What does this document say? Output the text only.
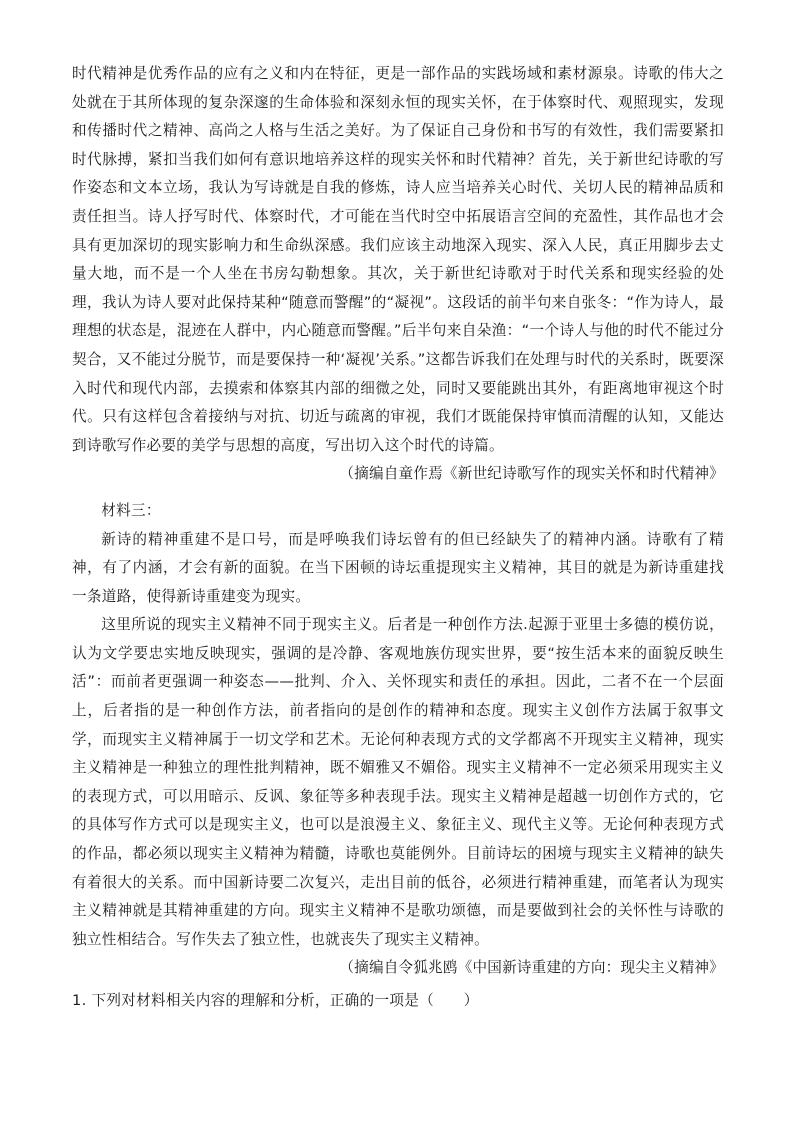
时代精神是优秀作品的应有之义和内在特征，更是一部作品的实践场域和素材源泉。诗歌的伟大之处就在于其所体现的复杂深邃的生命体验和深刻永恒的现实关怀，在于体察时代、观照现实，发现和传播时代之精神、高尚之人格与生活之美好。为了保证自己身份和书写的有效性，我们需要紧扣时代脉搏，紧扣当我们如何有意识地培养这样的现实关怀和时代精神？首先，关于新世纪诗歌的写作姿态和文本立场，我认为写诗就是自我的修炼，诗人应当培养关心时代、关切人民的精神品质和责任担当。诗人抒写时代、体察时代，才可能在当代时空中拓展语言空间的充盈性，其作品也才会具有更加深切的现实影响力和生命纵深感。我们应该主动地深入现实、深入人民，真正用脚步去丈量大地，而不是一个人坐在书房勾勒想象。其次，关于新世纪诗歌对于时代关系和现实经验的处理，我认为诗人要对此保持某种“随意而警醒”的“凝视”。这段话的前半句来自张冬：“作为诗人，最理想的状态是，混迹在人群中，内心随意而警醒。”后半句来自朵渔：“一个诗人与他的时代不能过分契合，又不能过分脱节，而是要保持一种‘凝视’关系。”这都告诉我们在处理与时代的关系时，既要深入时代和现代内部，去摸索和体察其内部的细微之处，同时又要能跳出其外，有距离地审视这个时代。只有这样包含着接纳与对抗、切近与疏离的审视，我们才既能保持审慎而清醒的认知，又能达到诗歌写作必要的美学与思想的高度，写出切入这个时代的诗篇。

（摘编自童作焉《新世纪诗歌写作的现实关怀和时代精神》

材料三：

新诗的精神重建不是口号，而是呼唤我们诗坛曾有的但已经缺失了的精神内涵。诗歌有了精神，有了内涵，才会有新的面貌。在当下困顿的诗坛重提现实主义精神，其目的就是为新诗重建找一条道路，使得新诗重建变为现实。

这里所说的现实主义精神不同于现实主义。后者是一种创作方法.起源于亚里士多德的模仿说，认为文学要忠实地反映现实，强调的是冷静、客观地族仿现实世界，要“按生活本来的面貌反映生活”：而前者更强调一种姿态——批判、介入、关怀现实和责任的承担。因此，二者不在一个层面上，后者指的是一种创作方法，前者指向的是创作的精神和态度。现实主义创作方法属于叙事文学，而现实主义精神属于一切文学和艺术。无论何种表现方式的文学都离不开现实主义精神，现实主义精神是一种独立的理性批判精神，既不媚雅又不媚俗。现实主义精神不一定必须采用现实主义的表现方式，可以用暗示、反讽、象征等多种表现手法。现实主义精神是超越一切创作方式的，它的具体写作方式可以是现实主义，也可以是浪漫主义、象征主义、现代主义等。无论何种表现方式的作品，都必须以现实主义精神为精髓，诗歌也莫能例外。目前诗坛的困境与现实主义精神的缺失有着很大的关系。而中国新诗要二次复兴，走出目前的低谷，必须进行精神重建，而笔者认为现实主义精神就是其精神重建的方向。现实主义精神不是歌功颂德，而是要做到社会的关怀性与诗歌的独立性相结合。写作失去了独立性，也就丧失了现实主义精神。

（摘编自令狐兆鸥《中国新诗重建的方向：现尖主义精神》

1. 下列对材料相关内容的理解和分析，正确的一项是（　　）
